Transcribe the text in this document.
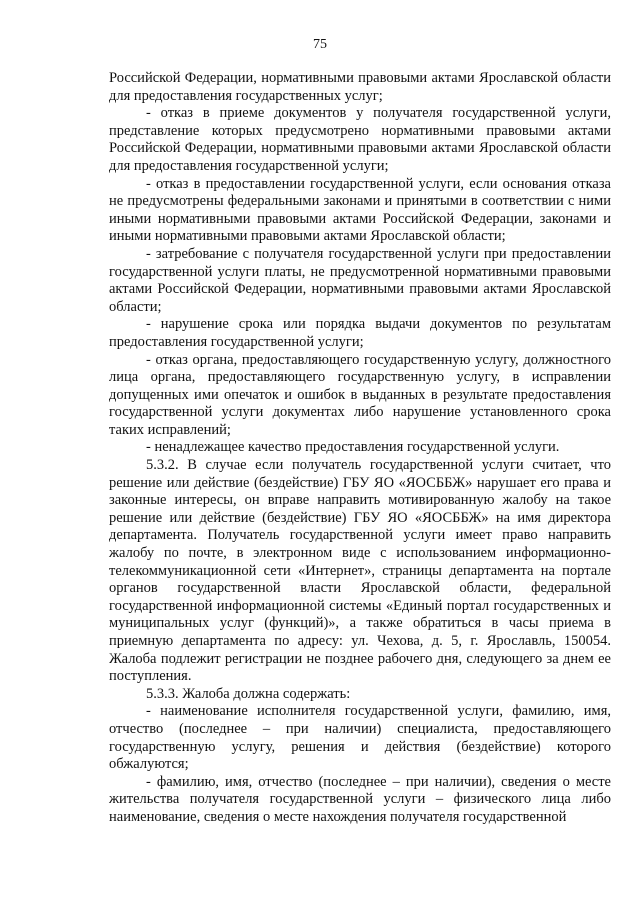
75

Российской Федерации, нормативными правовыми актами Ярославской области для предоставления государственных услуг;

- отказ в приеме документов у получателя государственной услуги, представление которых предусмотрено нормативными правовыми актами Российской Федерации, нормативными правовыми актами Ярославской области для предоставления государственной услуги;

- отказ в предоставлении государственной услуги, если основания отказа не предусмотрены федеральными законами и принятыми в соответствии с ними иными нормативными правовыми актами Российской Федерации, законами и иными нормативными правовыми актами Ярославской области;

- затребование с получателя государственной услуги при предоставлении государственной услуги платы, не предусмотренной нормативными правовыми актами Российской Федерации, нормативными правовыми актами Ярославской области;

- нарушение срока или порядка выдачи документов по результатам предоставления государственной услуги;

- отказ органа, предоставляющего государственную услугу, должностного лица органа, предоставляющего государственную услугу, в исправлении допущенных ими опечаток и ошибок в выданных в результате предоставления государственной услуги документах либо нарушение установленного срока таких исправлений;

- ненадлежащее качество предоставления государственной услуги.

5.3.2. В случае если получатель государственной услуги считает, что решение или действие (бездействие) ГБУ ЯО «ЯОСББЖ» нарушает его права и законные интересы, он вправе направить мотивированную жалобу на такое решение или действие (бездействие) ГБУ ЯО «ЯОСББЖ» на имя директора департамента. Получатель государственной услуги имеет право направить жалобу по почте, в электронном виде с использованием информационно-телекоммуникационной сети «Интернет», страницы департамента на портале органов государственной власти Ярославской области, федеральной государственной информационной системы «Единый портал государственных и муниципальных услуг (функций)», а также обратиться в часы приема в приемную департамента по адресу: ул. Чехова, д. 5, г. Ярославль, 150054. Жалоба подлежит регистрации не позднее рабочего дня, следующего за днем ее поступления.

5.3.3. Жалоба должна содержать:

- наименование исполнителя государственной услуги, фамилию, имя, отчество (последнее – при наличии) специалиста, предоставляющего государственную услугу, решения и действия (бездействие) которого обжалуются;

- фамилию, имя, отчество (последнее – при наличии), сведения о месте жительства получателя государственной услуги – физического лица либо наименование, сведения о месте нахождения получателя государственной
